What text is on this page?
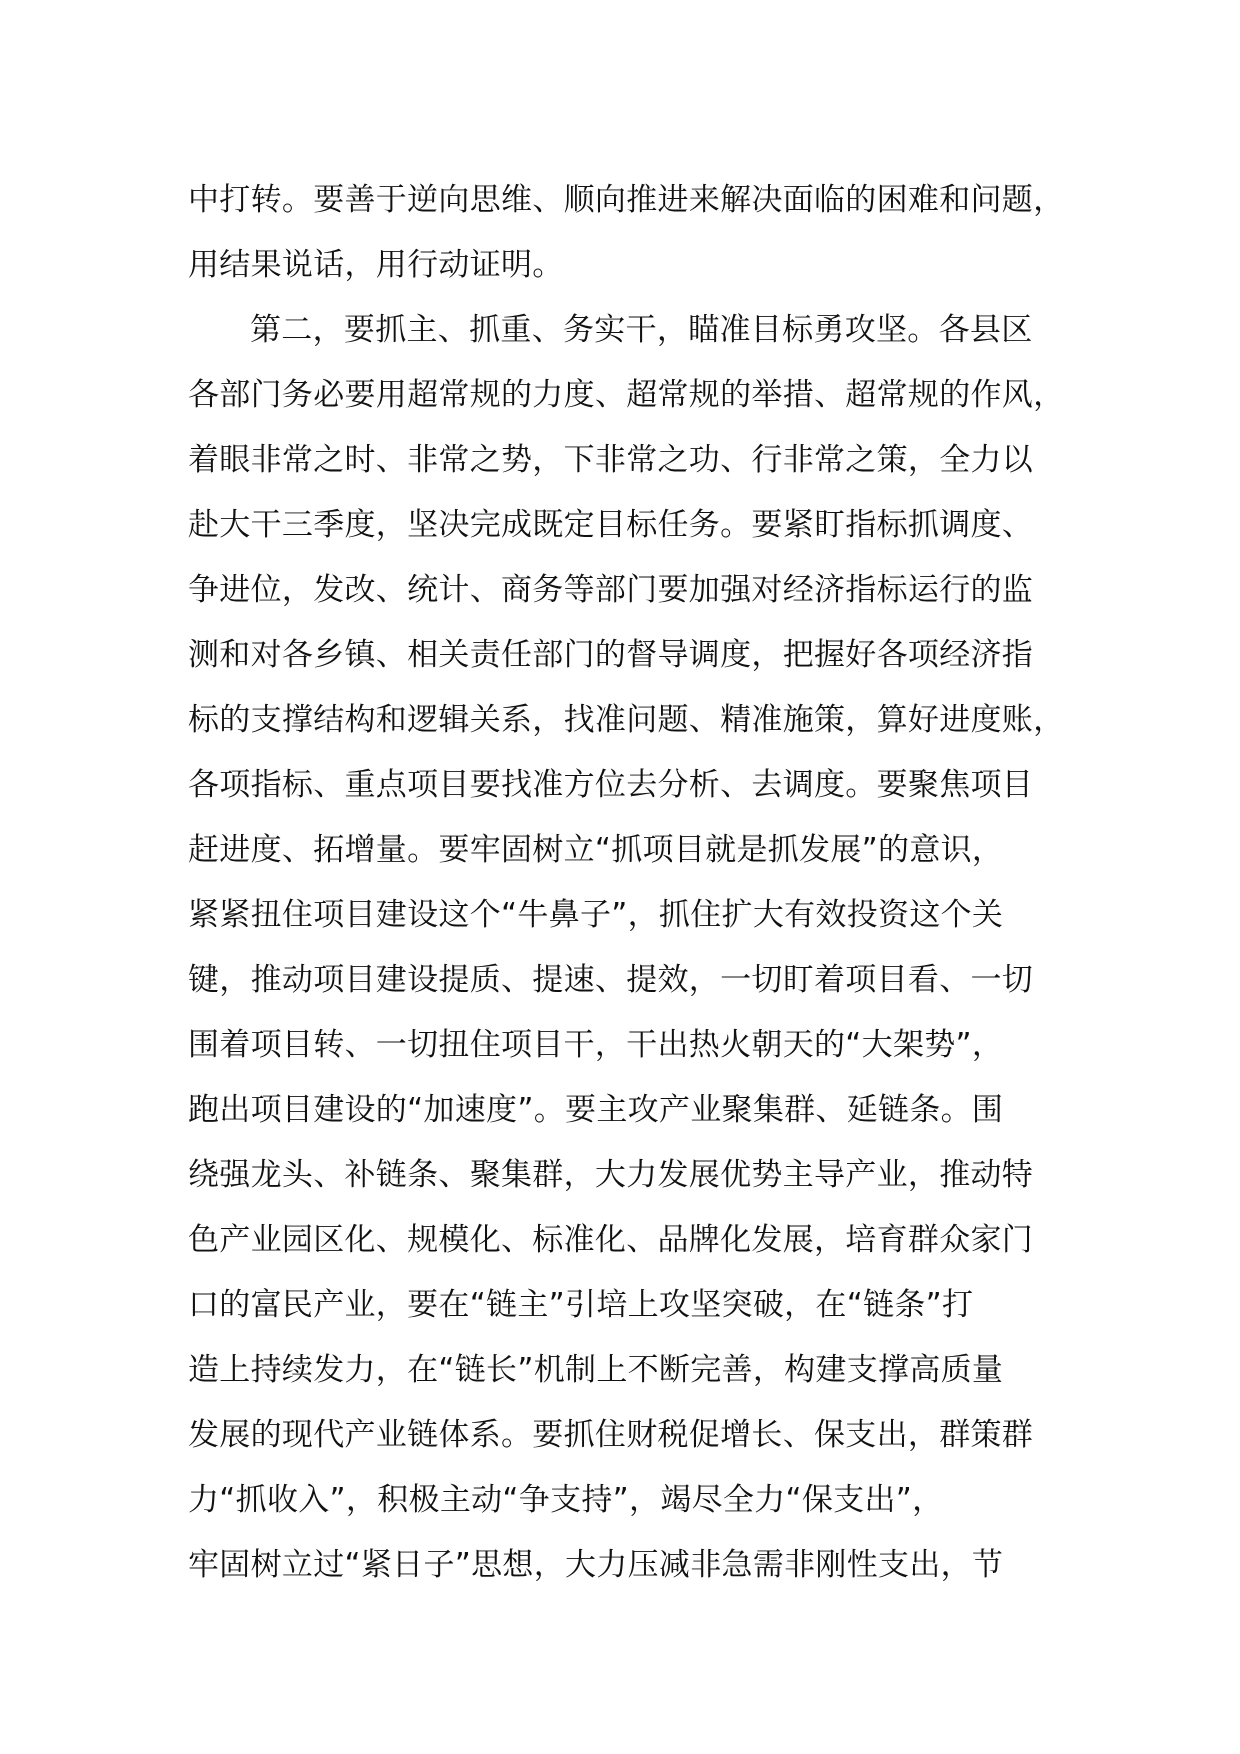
中打转。要善于逆向思维、顺向推进来解决面临的困难和问题，
用结果说话，用行动证明。
第二，要抓主、抓重、务实干，瞄准目标勇攻坚。各县区
各部门务必要用超常规的力度、超常规的举措、超常规的作风，
着眼非常之时、非常之势，下非常之功、行非常之策，全力以
赴大干三季度，坚决完成既定目标任务。要紧盯指标抓调度、
争进位，发改、统计、商务等部门要加强对经济指标运行的监
测和对各乡镇、相关责任部门的督导调度，把握好各项经济指
标的支撑结构和逻辑关系，找准问题、精准施策，算好进度账，
各项指标、重点项目要找准方位去分析、去调度。要聚焦项目
赶进度、拓增量。要牢固树立“抓项目就是抓发展”的意识，
紧紧扭住项目建设这个“牛鼻子”，抓住扩大有效投资这个关
键，推动项目建设提质、提速、提效，一切盯着项目看、一切
围着项目转、一切扭住项目干，干出热火朝天的“大架势”，
跑出项目建设的“加速度”。要主攻产业聚集群、延链条。围
绕强龙头、补链条、聚集群，大力发展优势主导产业，推动特
色产业园区化、规模化、标准化、品牌化发展，培育群众家门
口的富民产业，要在“链主”引培上攻坚突破，在“链条”打
造上持续发力，在“链长”机制上不断完善，构建支撑高质量
发展的现代产业链体系。要抓住财税促增长、保支出，群策群
力“抓收入”，积极主动“争支持”，竭尽全力“保支出”，
牢固树立过“紧日子”思想，大力压减非急需非刚性支出，节
